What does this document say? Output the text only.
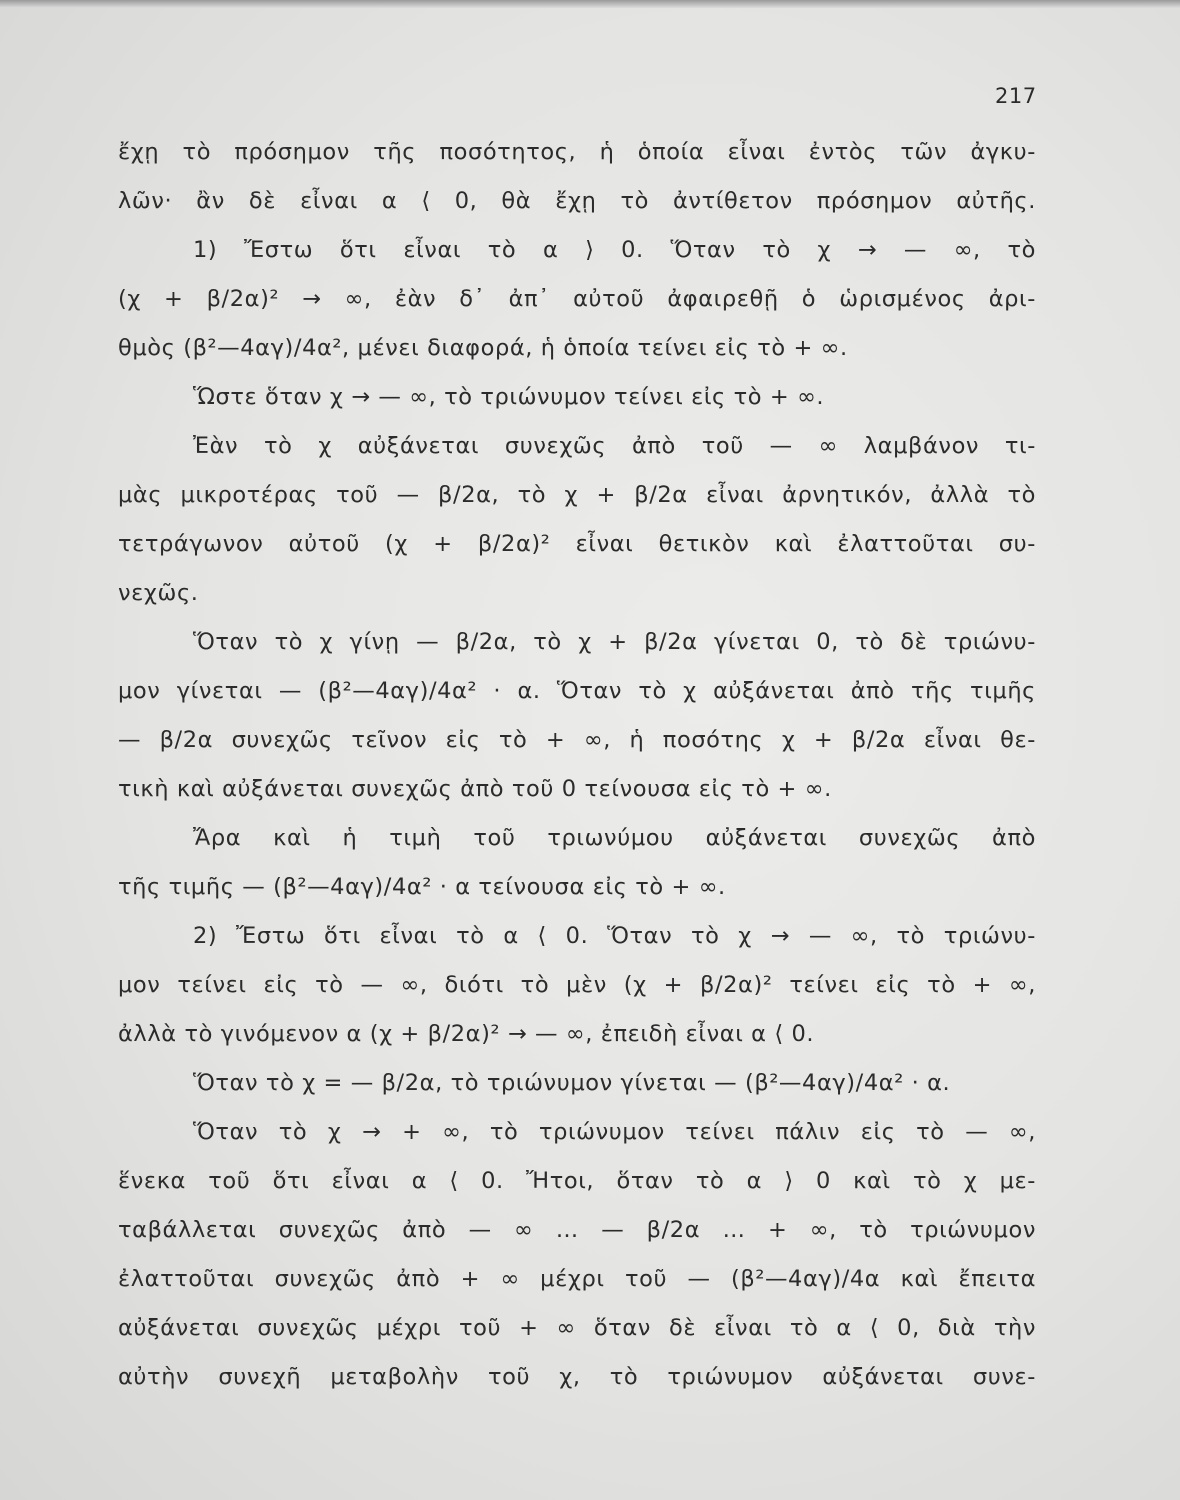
217
ἔχῃ τὸ πρόσημον τῆς ποσότητος, ἡ ὁποία εἶναι ἐντὸς τῶν ἀγκυ-
λῶν· ἂν δὲ εἶναι α ⟨ 0, θὰ ἔχῃ τὸ ἀντίθετον πρόσημον αὐτῆς.
1) Ἔστω ὅτι εἶναι τὸ α ⟩ 0. Ὅταν τὸ χ → — ∞, τὸ
(χ + β/2α)² → ∞, ἐὰν δ᾽ ἀπ᾽ αὐτοῦ ἀφαιρεθῇ ὁ ὡρισμένος ἀρι-
θμὸς (β²—4αγ)/4α², μένει διαφορά, ἡ ὁποία τείνει εἰς τὸ + ∞.
Ὥστε ὅταν χ → — ∞, τὸ τριώνυμον τείνει εἰς τὸ + ∞.
Ἐὰν τὸ χ αὐξάνεται συνεχῶς ἀπὸ τοῦ — ∞ λαμβάνον τι-
μὰς μικροτέρας τοῦ — β/2α, τὸ χ + β/2α εἶναι ἀρνητικόν, ἀλλὰ τὸ
τετράγωνον αὐτοῦ (χ + β/2α)² εἶναι θετικὸν καὶ ἐλαττοῦται συ-
νεχῶς.
Ὅταν τὸ χ γίνῃ — β/2α, τὸ χ + β/2α γίνεται 0, τὸ δὲ τριώνυ-
μον γίνεται — (β²—4αγ)/4α² · α. Ὅταν τὸ χ αὐξάνεται ἀπὸ τῆς τιμῆς
— β/2α συνεχῶς τεῖνον εἰς τὸ + ∞, ἡ ποσότης χ + β/2α εἶναι θε-
τικὴ καὶ αὐξάνεται συνεχῶς ἀπὸ τοῦ 0 τείνουσα εἰς τὸ + ∞.
Ἄρα καὶ ἡ τιμὴ τοῦ τριωνύμου αὐξάνεται συνεχῶς ἀπὸ
τῆς τιμῆς — (β²—4αγ)/4α² · α τείνουσα εἰς τὸ + ∞.
2) Ἔστω ὅτι εἶναι τὸ α ⟨ 0. Ὅταν τὸ χ → — ∞, τὸ τριώνυ-
μον τείνει εἰς τὸ — ∞, διότι τὸ μὲν (χ + β/2α)² τείνει εἰς τὸ + ∞,
ἀλλὰ τὸ γινόμενον α (χ + β/2α)² → — ∞, ἐπειδὴ εἶναι α ⟨ 0.
Ὅταν τὸ χ = — β/2α, τὸ τριώνυμον γίνεται — (β²—4αγ)/4α² · α.
Ὅταν τὸ χ → + ∞, τὸ τριώνυμον τείνει πάλιν εἰς τὸ — ∞,
ἕνεκα τοῦ ὅτι εἶναι α ⟨ 0. Ἤτοι, ὅταν τὸ α ⟩ 0 καὶ τὸ χ με-
ταβάλλεται συνεχῶς ἀπὸ — ∞ … — β/2α … + ∞, τὸ τριώνυμον
ἐλαττοῦται συνεχῶς ἀπὸ + ∞ μέχρι τοῦ — (β²—4αγ)/4α καὶ ἔπειτα
αὐξάνεται συνεχῶς μέχρι τοῦ + ∞ ὅταν δὲ εἶναι τὸ α ⟨ 0, διὰ τὴν
αὐτὴν συνεχῆ μεταβολὴν τοῦ χ, τὸ τριώνυμον αὐξάνεται συνε-
